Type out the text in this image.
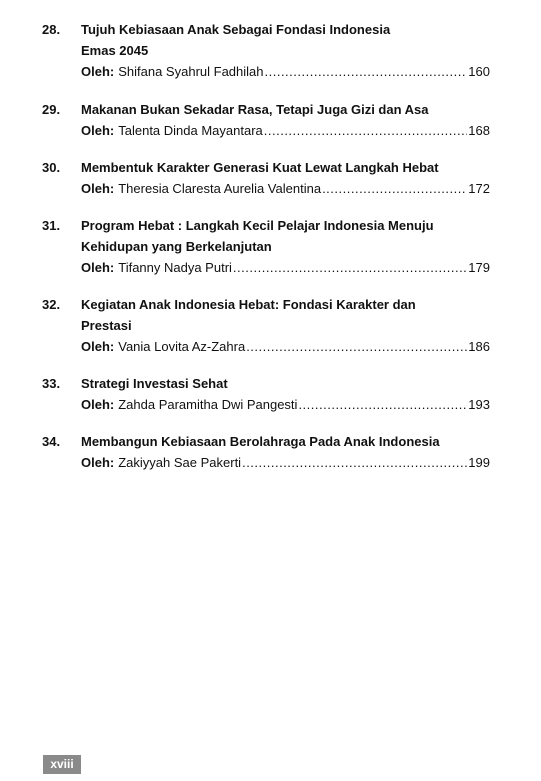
28.	Tujuh Kebiasaan Anak Sebagai Fondasi Indonesia Emas 2045
Oleh: Shifana Syahrul Fadhilah .....	160
29.	Makanan Bukan Sekadar Rasa, Tetapi Juga Gizi dan Asa
Oleh: Talenta Dinda Mayantara .....	168
30.	Membentuk Karakter Generasi Kuat Lewat Langkah Hebat
Oleh: Theresia Claresta Aurelia Valentina .....	172
31.	Program Hebat : Langkah Kecil Pelajar Indonesia Menuju Kehidupan yang Berkelanjutan
Oleh: Tifanny Nadya Putri .....	179
32.	Kegiatan Anak Indonesia Hebat: Fondasi Karakter dan Prestasi
Oleh: Vania Lovita Az-Zahra .....	186
33.	Strategi Investasi Sehat
Oleh: Zahda Paramitha Dwi Pangesti .....	193
34.	Membangun Kebiasaan Berolahraga Pada Anak Indonesia
Oleh: Zakiyyah Sae Pakerti .....	199
xviii
